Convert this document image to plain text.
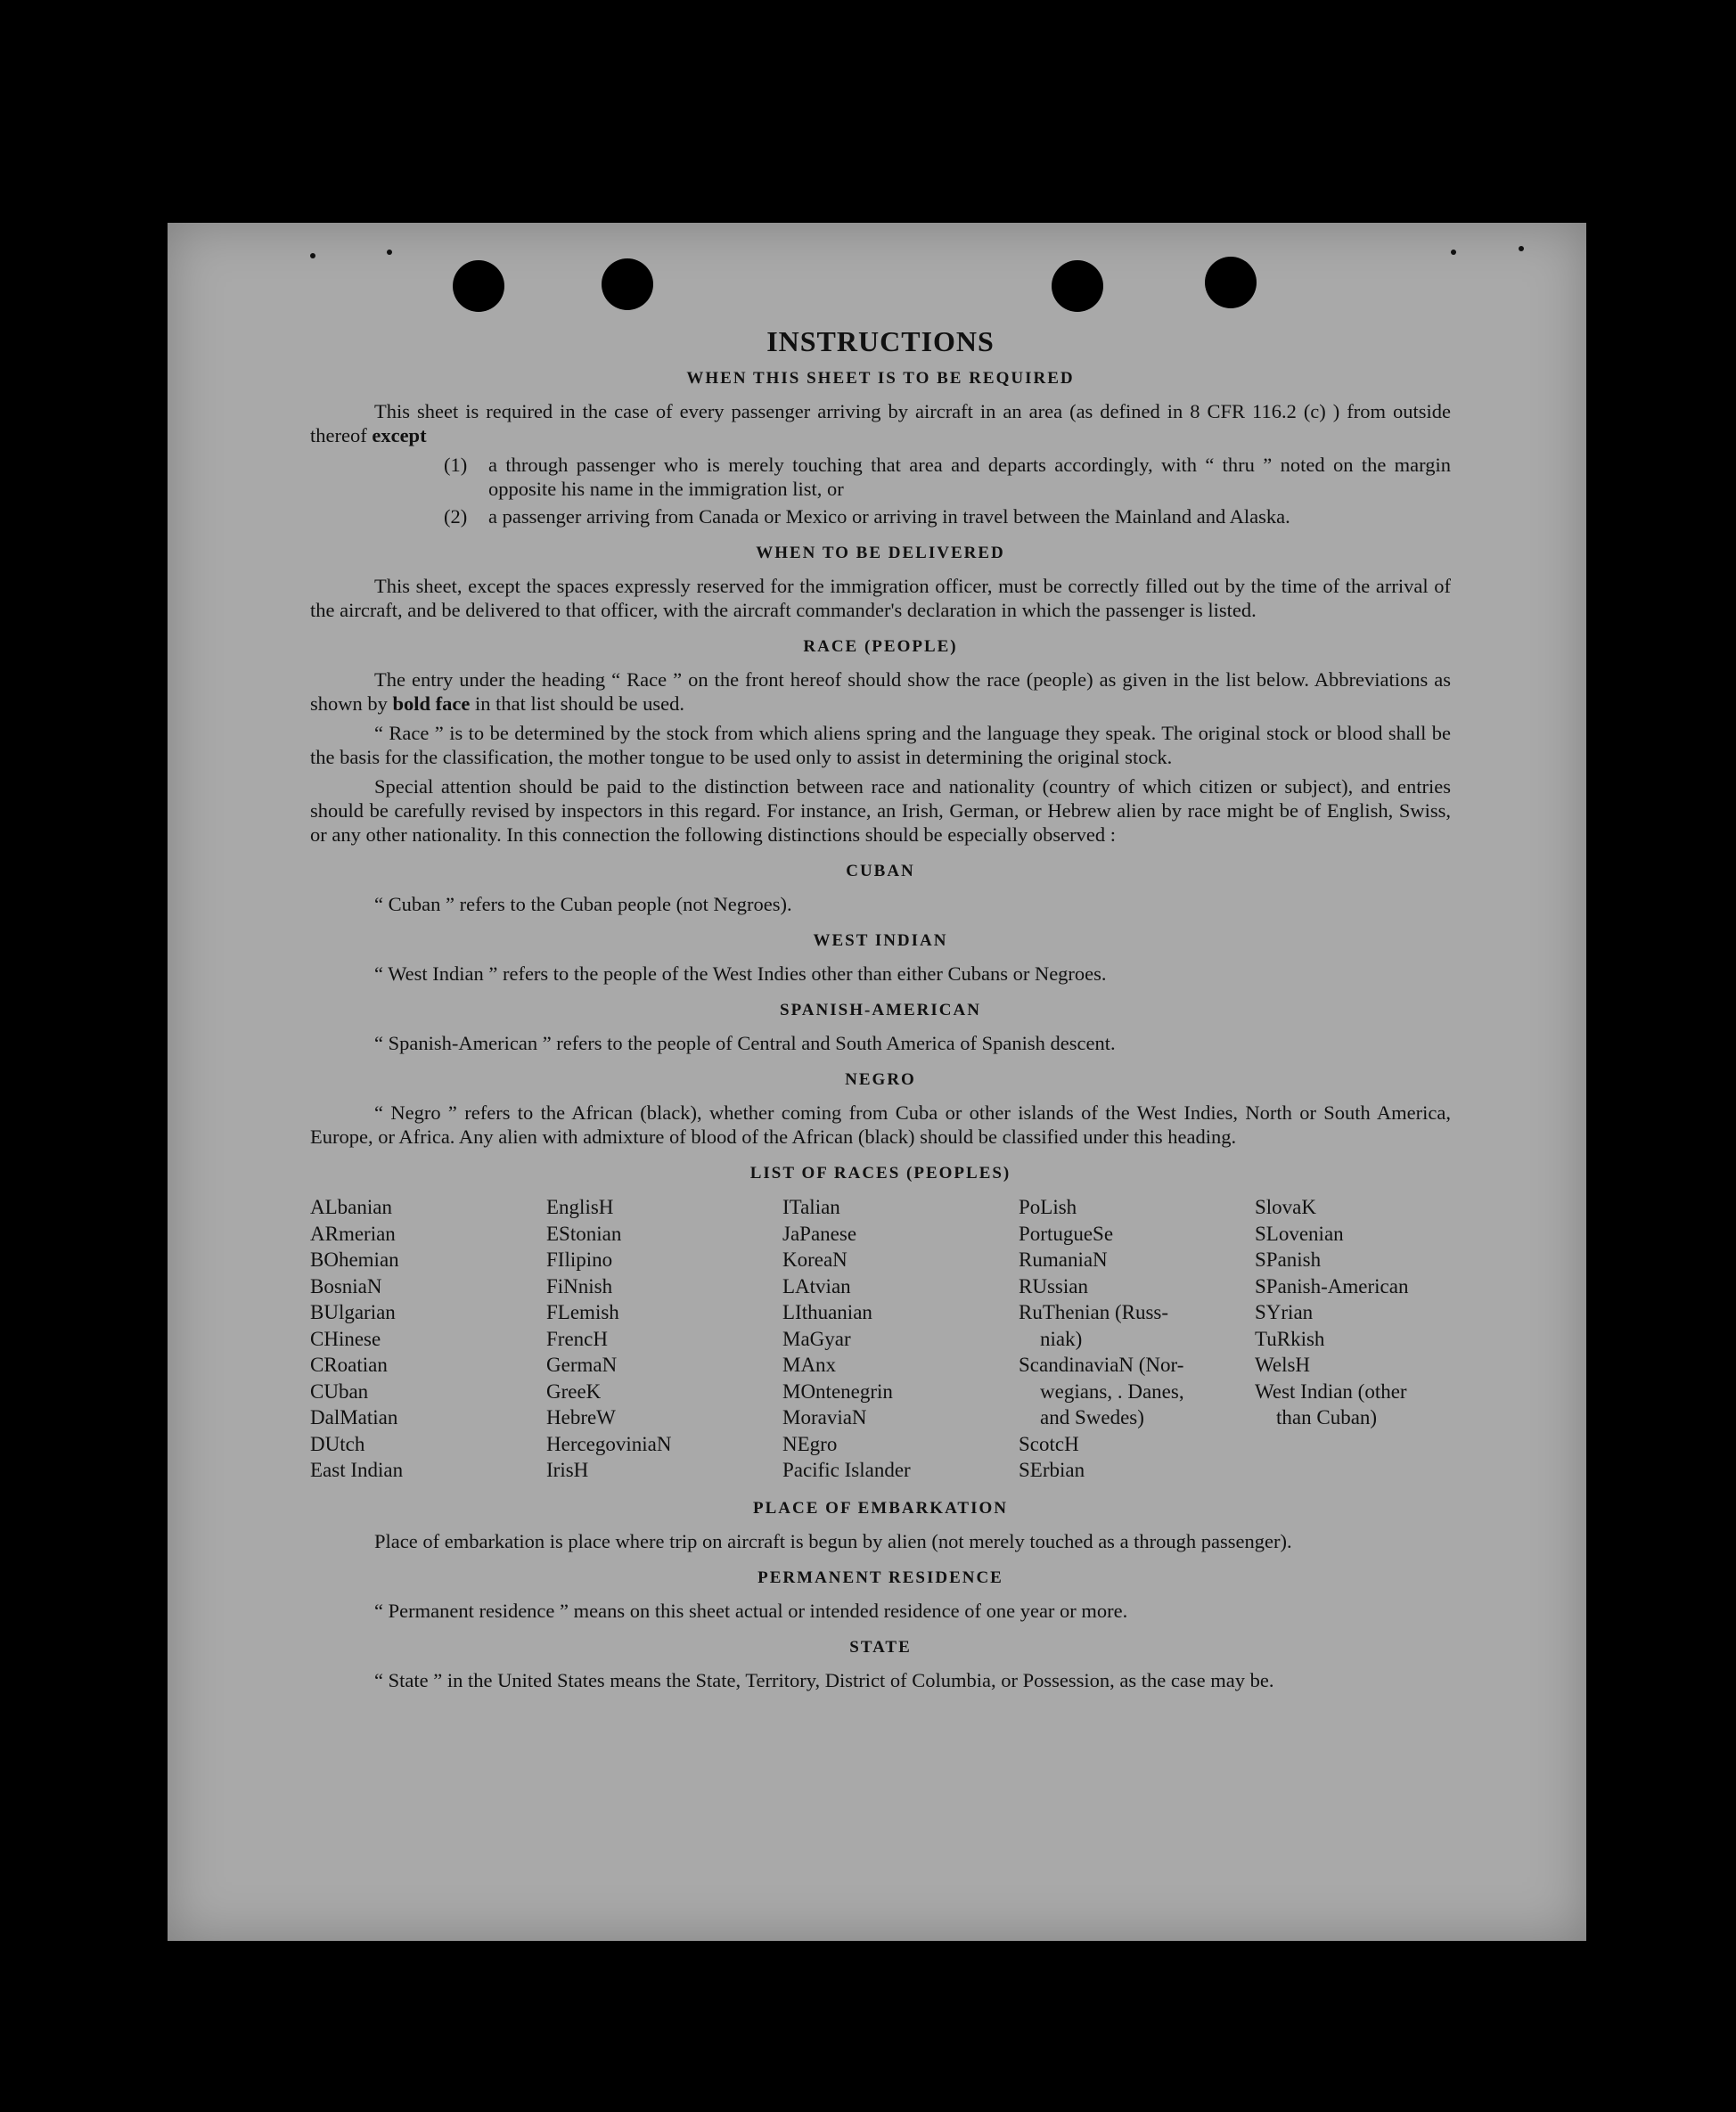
INSTRUCTIONS
WHEN THIS SHEET IS TO BE REQUIRED

This sheet is required in the case of every passenger arriving by aircraft in an area (as defined in 8 CFR 116.2 (c) ) from outside thereof except

(1)	a through passenger who is merely touching that area and departs accordingly, with “ thru ” noted on the margin opposite his name in the immigration list, or
(2)	a passenger arriving from Canada or Mexico or arriving in travel between the Mainland and Alaska.
WHEN TO BE DELIVERED

This sheet, except the spaces expressly reserved for the immigration officer, must be correctly filled out by the time of the arrival of the aircraft, and be delivered to that officer, with the aircraft commander's declaration in which the passenger is listed.

RACE (PEOPLE)

The entry under the heading “ Race ” on the front hereof should show the race (people) as given in the list below. Abbreviations as shown by bold face in that list should be used.

“ Race ” is to be determined by the stock from which aliens spring and the language they speak. The original stock or blood shall be the basis for the classification, the mother tongue to be used only to assist in determining the original stock.

Special attention should be paid to the distinction between race and nationality (country of which citizen or subject), and entries should be carefully revised by inspectors in this regard. For instance, an Irish, German, or Hebrew alien by race might be of English, Swiss, or any other nationality. In this connection the following distinctions should be especially observed :

CUBAN

“ Cuban ” refers to the Cuban people (not Negroes).

WEST INDIAN

“ West Indian ” refers to the people of the West Indies other than either Cubans or Negroes.

SPANISH-AMERICAN

“ Spanish-American ” refers to the people of Central and South America of Spanish descent.

NEGRO

“ Negro ” refers to the African (black), whether coming from Cuba or other islands of the West Indies, North or South America, Europe, or Africa. Any alien with admixture of blood of the African (black) should be classified under this heading.

LIST OF RACES (PEOPLES)
ALbanian
ARmerian
BOhemian
BosniaN
BUlgarian
CHinese
CRoatian
CUban
DalMatian
DUtch
East Indian
EnglisH
EStonian
FIlipino
FiNnish
FLemish
FrencH
GermaN
GreeK
HebreW
HercegoviniaN
IrisH
ITalian
JaPanese
KoreaN
LAtvian
LIthuanian
MaGyar
MAnx
MOntenegrin
MoraviaN
NEgro
Pacific Islander
PoLish
PortugueSe
RumaniaN
RUssian
RuThenian (Russ-
niak)
ScandinaviaN (Nor-
wegians, . Danes,
and Swedes)
ScotcH
SErbian
SlovaK
SLovenian
SPanish
SPanish-American
SYrian
TuRkish
WelsH
West Indian (other
than Cuban)
PLACE OF EMBARKATION

Place of embarkation is place where trip on aircraft is begun by alien (not merely touched as a through passenger).

PERMANENT RESIDENCE

“ Permanent residence ” means on this sheet actual or intended residence of one year or more.

STATE

“ State ” in the United States means the State, Territory, District of Columbia, or Possession, as the case may be.
